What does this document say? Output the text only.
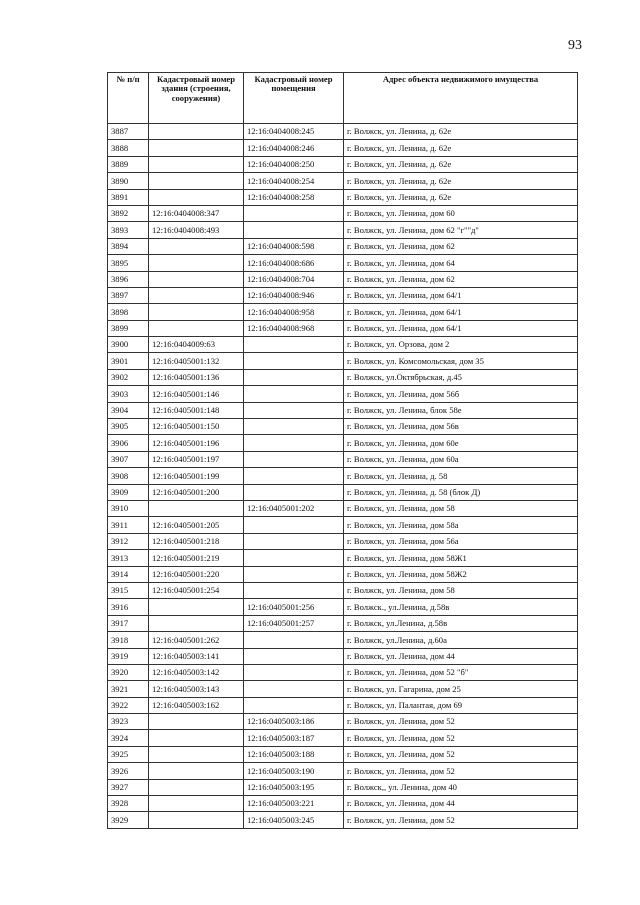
93
№ п/п	Кадастровый номер здания (строения, сооружения)	Кадастровый номер помещения	Адрес объекта недвижимого имущества
3887		12:16:0404008:245	г. Волжск, ул. Ленина, д. 62е
3888		12:16:0404008:246	г. Волжск, ул. Ленина, д. 62е
3889		12:16:0404008:250	г. Волжск, ул. Ленина, д. 62е
3890		12:16:0404008:254	г. Волжск, ул. Ленина, д. 62е
3891		12:16:0404008:258	г. Волжск, ул. Ленина, д. 62е
3892	12:16:0404008:347		г. Волжск, ул. Ленина, дом 60
3893	12:16:0404008:493		г. Волжск, ул. Ленина, дом 62 "г""д"
3894		12:16:0404008:598	г. Волжск, ул. Ленина, дом 62
3895		12:16:0404008:686	г. Волжск, ул. Ленина, дом 64
3896		12:16:0404008:704	г. Волжск, ул. Ленина, дом 62
3897		12:16:0404008:946	г. Волжск, ул. Ленина, дом 64/1
3898		12:16:0404008:958	г. Волжск, ул. Ленина, дом 64/1
3899		12:16:0404008:968	г. Волжск, ул. Ленина, дом 64/1
3900	12:16:0404009:63		г. Волжск, ул. Орзова, дом 2
3901	12:16:0405001:132		г. Волжск, ул. Комсомольская, дом 35
3902	12:16:0405001:136		г. Волжск, ул.Октябрьская, д.45
3903	12:16:0405001:146		г. Волжск, ул. Ленина, дом 56б
3904	12:16:0405001:148		г. Волжск, ул. Ленина, блок 58е
3905	12:16:0405001:150		г. Волжск, ул. Ленина, дом 56в
3906	12:16:0405001:196		г. Волжск, ул. Ленина, дом 60е
3907	12:16:0405001:197		г. Волжск, ул. Ленина, дом 60а
3908	12:16:0405001:199		г. Волжск, ул. Ленина, д. 58
3909	12:16:0405001:200		г. Волжск, ул. Ленина, д. 58 (блок Д)
3910		12:16:0405001:202	г. Волжск, ул. Ленина, дом 58
3911	12:16:0405001:205		г. Волжск, ул. Ленина, дом 58а
3912	12:16:0405001:218		г. Волжск, ул. Ленина, дом 56а
3913	12:16:0405001:219		г. Волжск, ул. Ленина, дом 58Ж1
3914	12:16:0405001:220		г. Волжск, ул. Ленина, дом 58Ж2
3915	12:16:0405001:254		г. Волжск, ул. Ленина, дом 58
3916		12:16:0405001:256	г. Волжск., ул.Ленина, д.58в
3917		12:16:0405001:257	г. Волжск, ул.Ленина, д.58в
3918	12:16:0405001:262		г. Волжск, ул.Ленина, д.60а
3919	12:16:0405003:141		г. Волжск, ул. Ленина, дом 44
3920	12:16:0405003:142		г. Волжск, ул. Ленина, дом 52 "б"
3921	12:16:0405003:143		г. Волжск, ул. Гагарина, дом 25
3922	12:16:0405003:162		г. Волжск, ул. Палантая, дом 69
3923		12:16:0405003:186	г. Волжск, ул. Ленина, дом 52
3924		12:16:0405003:187	г. Волжск, ул. Ленина, дом 52
3925		12:16:0405003:188	г. Волжск, ул. Ленина, дом 52
3926		12:16:0405003:190	г. Волжск, ул. Ленина, дом 52
3927		12:16:0405003:195	г. Волжск,, ул. Ленина, дом 40
3928		12:16:0405003:221	г. Волжск, ул. Ленина, дом 44
3929		12:16:0405003:245	г. Волжск, ул. Ленина, дом 52
